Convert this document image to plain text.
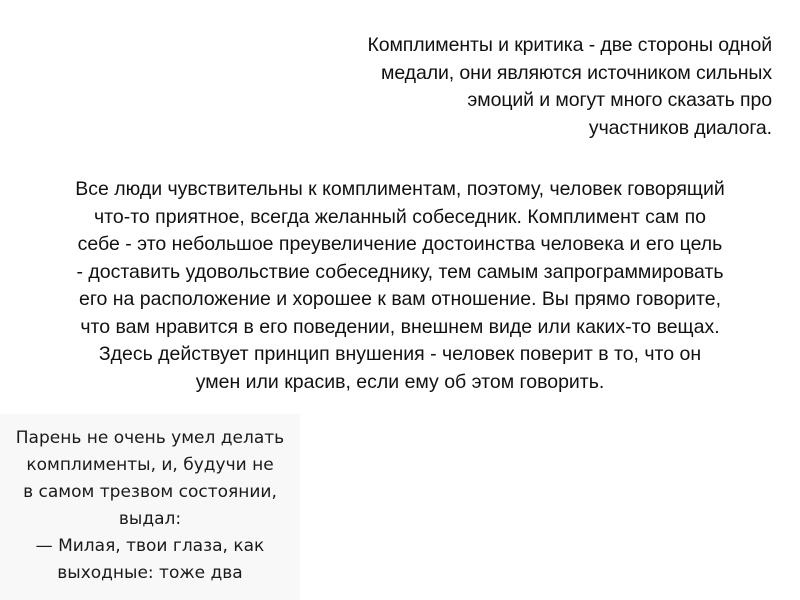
Комплименты и критика - две стороны одной
медали, они являются источником сильных
эмоций и могут много сказать про
участников диалога.

Все люди чувствительны к комплиментам, поэтому, человек говорящий
что-то приятное, всегда желанный собеседник. Комплимент сам по
себе - это небольшое преувеличение достоинства человека и его цель
- доставить удовольствие собеседнику, тем самым запрограммировать
его на расположение и хорошее к вам отношение. Вы прямо говорите,
что вам нравится в его поведении, внешнем виде или каких-то вещах.
Здесь действует принцип внушения - человек поверит в то, что он
умен или красив, если ему об этом говорить.

Парень не очень умел делать
комплименты, и, будучи не
в самом трезвом состоянии,
выдал:
— Милая, твои глаза, как
выходные: тоже два
